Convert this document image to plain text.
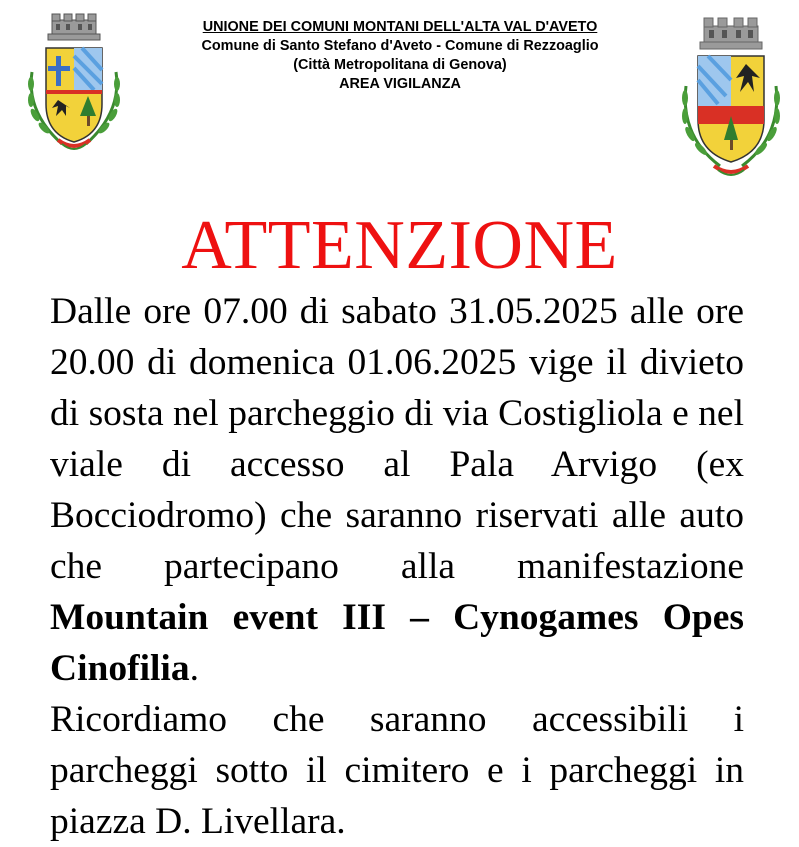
UNIONE DEI COMUNI MONTANI DELL'ALTA VAL D'AVETO
Comune di Santo Stefano d'Aveto - Comune di Rezzoaglio
(Città Metropolitana di Genova)
AREA VIGILANZA
ATTENZIONE

Dalle ore 07.00 di sabato 31.05.2025 alle ore 20.00 di domenica 01.06.2025 vige il divieto di sosta nel parcheggio di via Costigliola e nel viale di accesso al Pala Arvigo (ex Bocciodromo) che saranno riservati alle auto che partecipano alla manifestazione Mountain event III – Cynogames Opes Cinofilia.

Ricordiamo che saranno accessibili i parcheggi sotto il cimitero e i parcheggi in piazza D. Livellara.
